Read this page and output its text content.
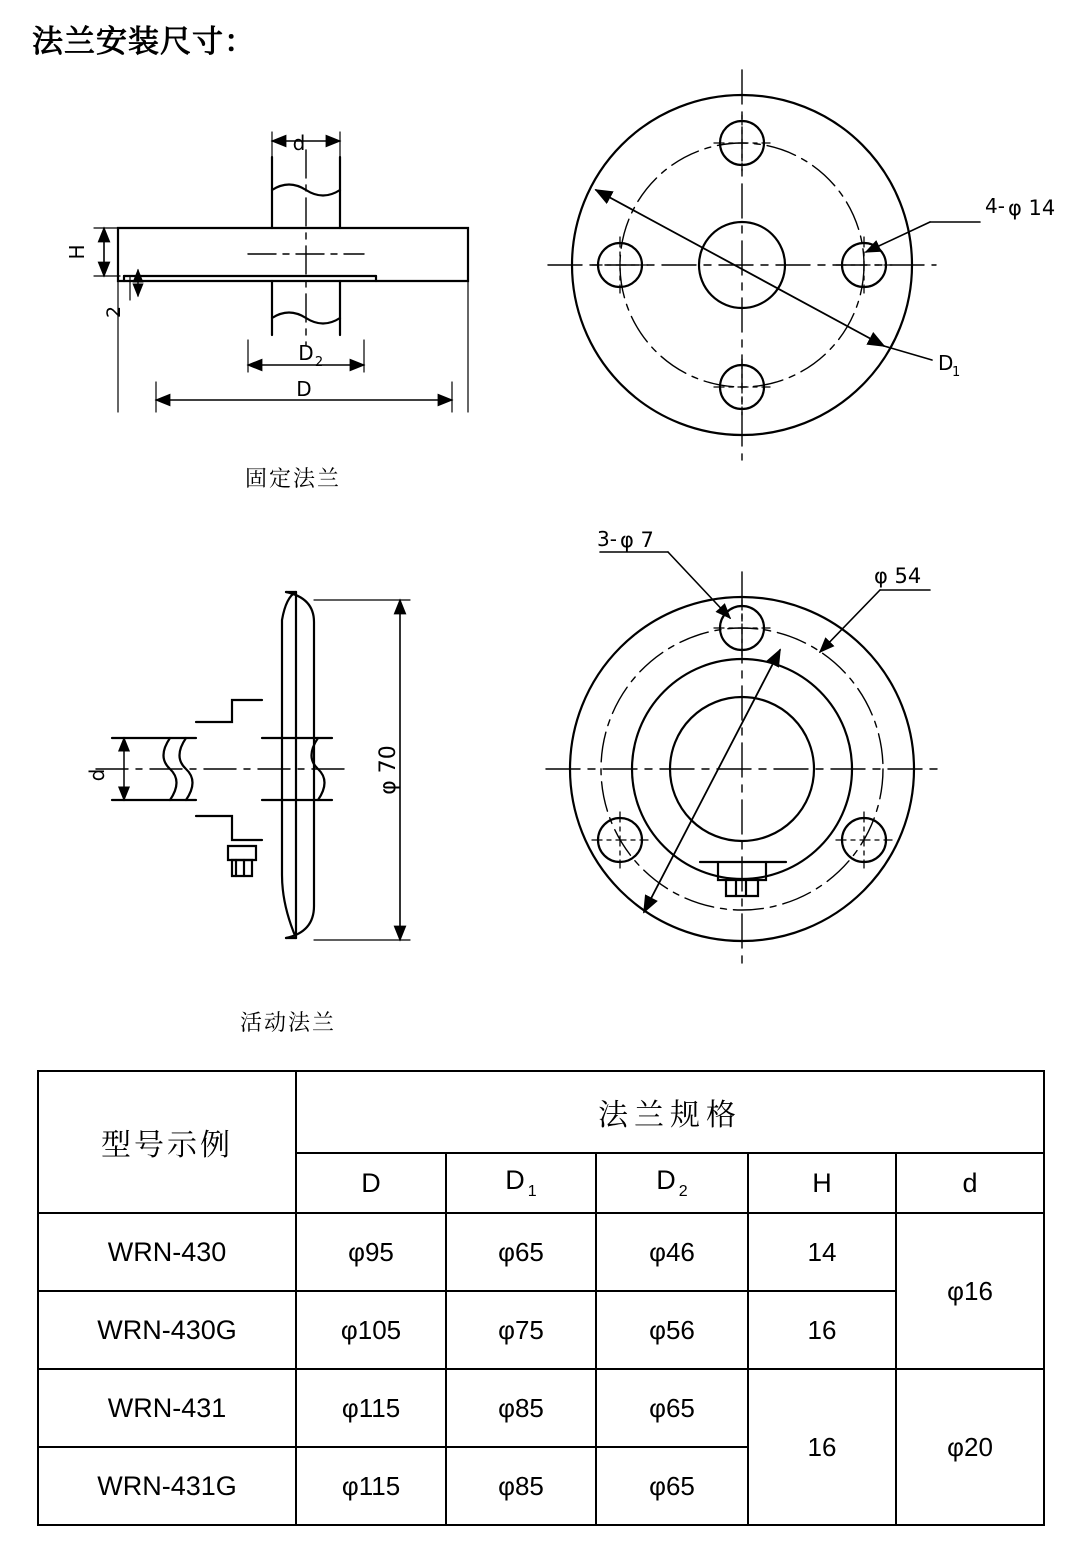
法兰安装尺寸：
d
H
2
D 2
D
4- φ 14
D
1
d	φ 70
3- φ 7
φ 54
固定法兰
活动法兰
型号示例	法兰规格				
	D	D $_1$	D $_2$	H	d
WRN-430	φ95	φ65	φ46	14	φ16
WRN-430G	φ105	φ75	φ56	16	
WRN-431	φ115	φ85	φ65	16	φ20
WRN-431G	φ115	φ85	φ65		
